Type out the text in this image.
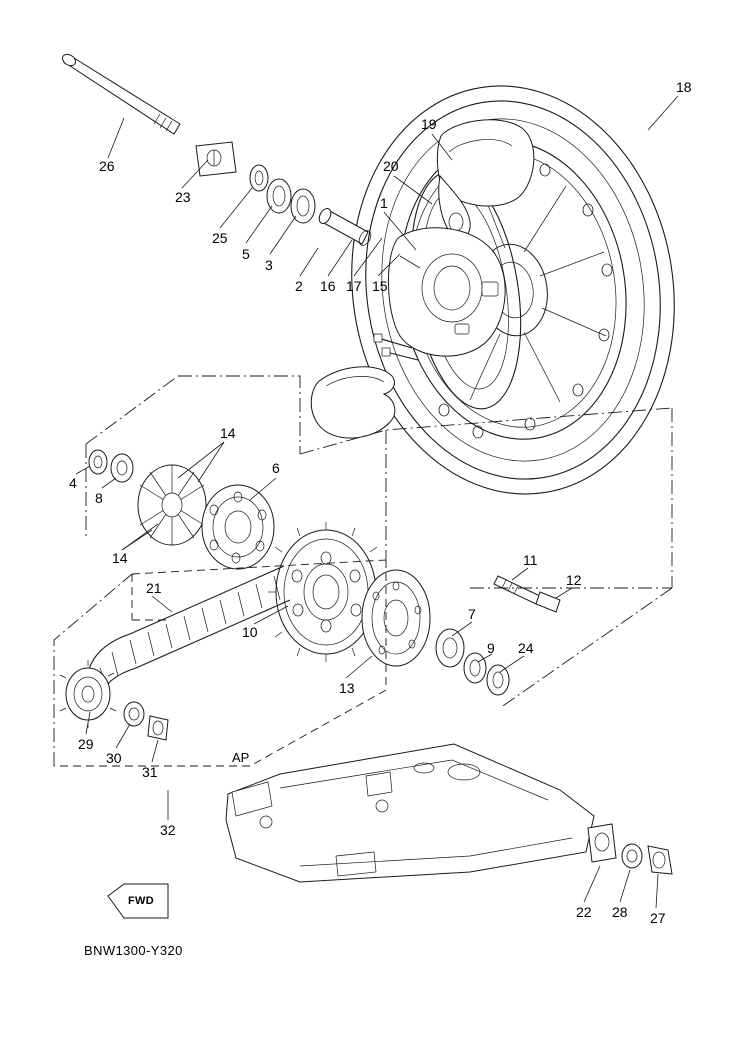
18
19
20
26
23	1
25
5
3
2 16 17 15
4
8
14
14
6
21
10
13
7
9 24
11
12
29
30
31
32
22 28 27
AP
FWD
BNW1300-Y320
